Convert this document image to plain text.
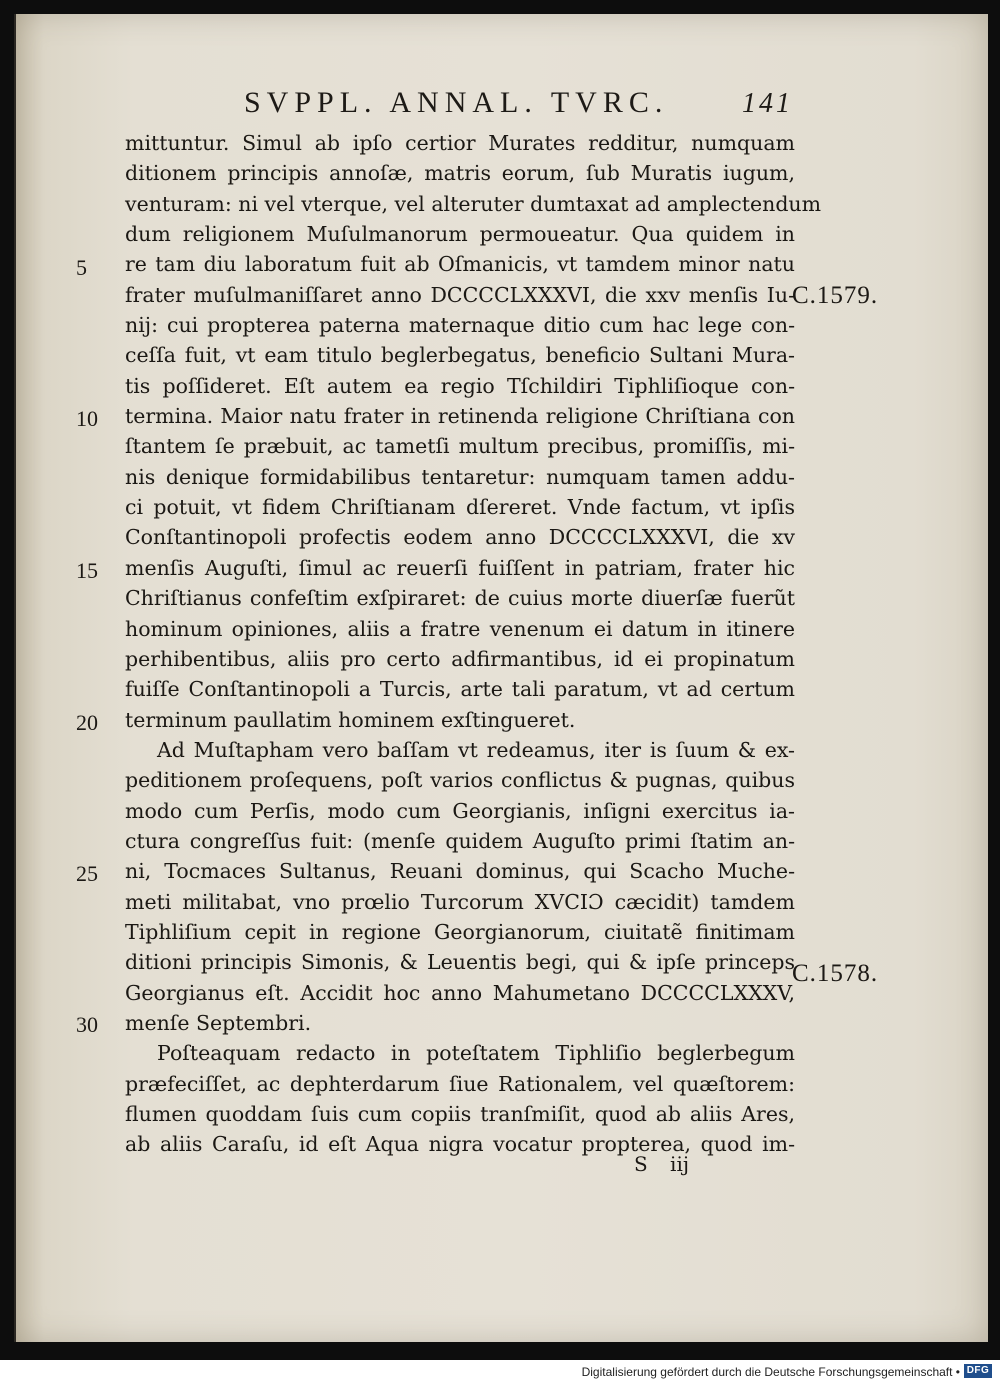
SVPPL. ANNAL. TVRC.	141
5
10
15
20
25
30
C.1579.
C.1578.
mittuntur. Simul ab ipſo certior Murates redditur, numquam
ditionem principis annoſæ, matris eorum, ſub Muratis iugum,
venturam: ni vel vterque, vel alteruter dumtaxat ad amplectendum
dum religionem Muſulmanorum permoueatur. Qua quidem in
re tam diu laboratum fuit ab Oſmanicis, vt tamdem minor natu
frater muſulmaniſſaret anno DCCCCLXXXVI, die xxv menſis Iu-
nij: cui propterea paterna maternaque ditio cum hac lege con-
ceſſa fuit, vt eam titulo beglerbegatus, beneficio Sultani Mura-
tis poſſideret. Eſt autem ea regio Tſchildiri Tiphliſioque con-
termina. Maior natu frater in retinenda religione Chriſtiana con
ſtantem ſe præbuit, ac tametſi multum precibus, promiſſis, mi-
nis denique formidabilibus tentaretur: numquam tamen addu-
ci potuit, vt fidem Chriſtianam dſereret. Vnde factum, vt ipſis
Conſtantinopoli profectis eodem anno DCCCCLXXXVI, die xv
menſis Auguſti, ſimul ac reuerſi fuiſſent in patriam, frater hic
Chriſtianus confeſtim exſpiraret: de cuius morte diuerſæ fuerũt
hominum opiniones, aliis a fratre venenum ei datum in itinere
perhibentibus, aliis pro certo adfirmantibus, id ei propinatum
fuiſſe Conſtantinopoli a Turcis, arte tali paratum, vt ad certum
terminum paullatim hominem exſtingueret.
Ad Muſtapham vero baſſam vt redeamus, iter is ſuum & ex-
peditionem proſequens, poſt varios conflictus & pugnas, quibus
modo cum Perſis, modo cum Georgianis, inſigni exercitus ia-
ctura congreſſus fuit: (menſe quidem Auguſto primi ſtatim an-
ni, Tocmaces Sultanus, Reuani dominus, qui Scacho Muche-
meti militabat, vno prœlio Turcorum XVCIƆ cæcidit) tamdem
Tiphliſium cepit in regione Georgianorum, ciuitatẽ finitimam
ditioni principis Simonis, & Leuentis begi, qui & ipſe princeps
Georgianus eſt. Accidit hoc anno Mahumetano DCCCCLXXXV,
menſe Septembri.
Poſteaquam redacto in poteſtatem Tiphliſio beglerbegum
præfeciſſet, ac dephterdarum ſiue Rationalem, vel quæſtorem:
flumen quoddam ſuis cum copiis tranſmiſit, quod ab aliis Ares,
ab aliis Caraſu, id eſt Aqua nigra vocatur propterea, quod im-
S iij
Digitalisierung gefördert durch die Deutsche Forschungsgemeinschaft • DFG
